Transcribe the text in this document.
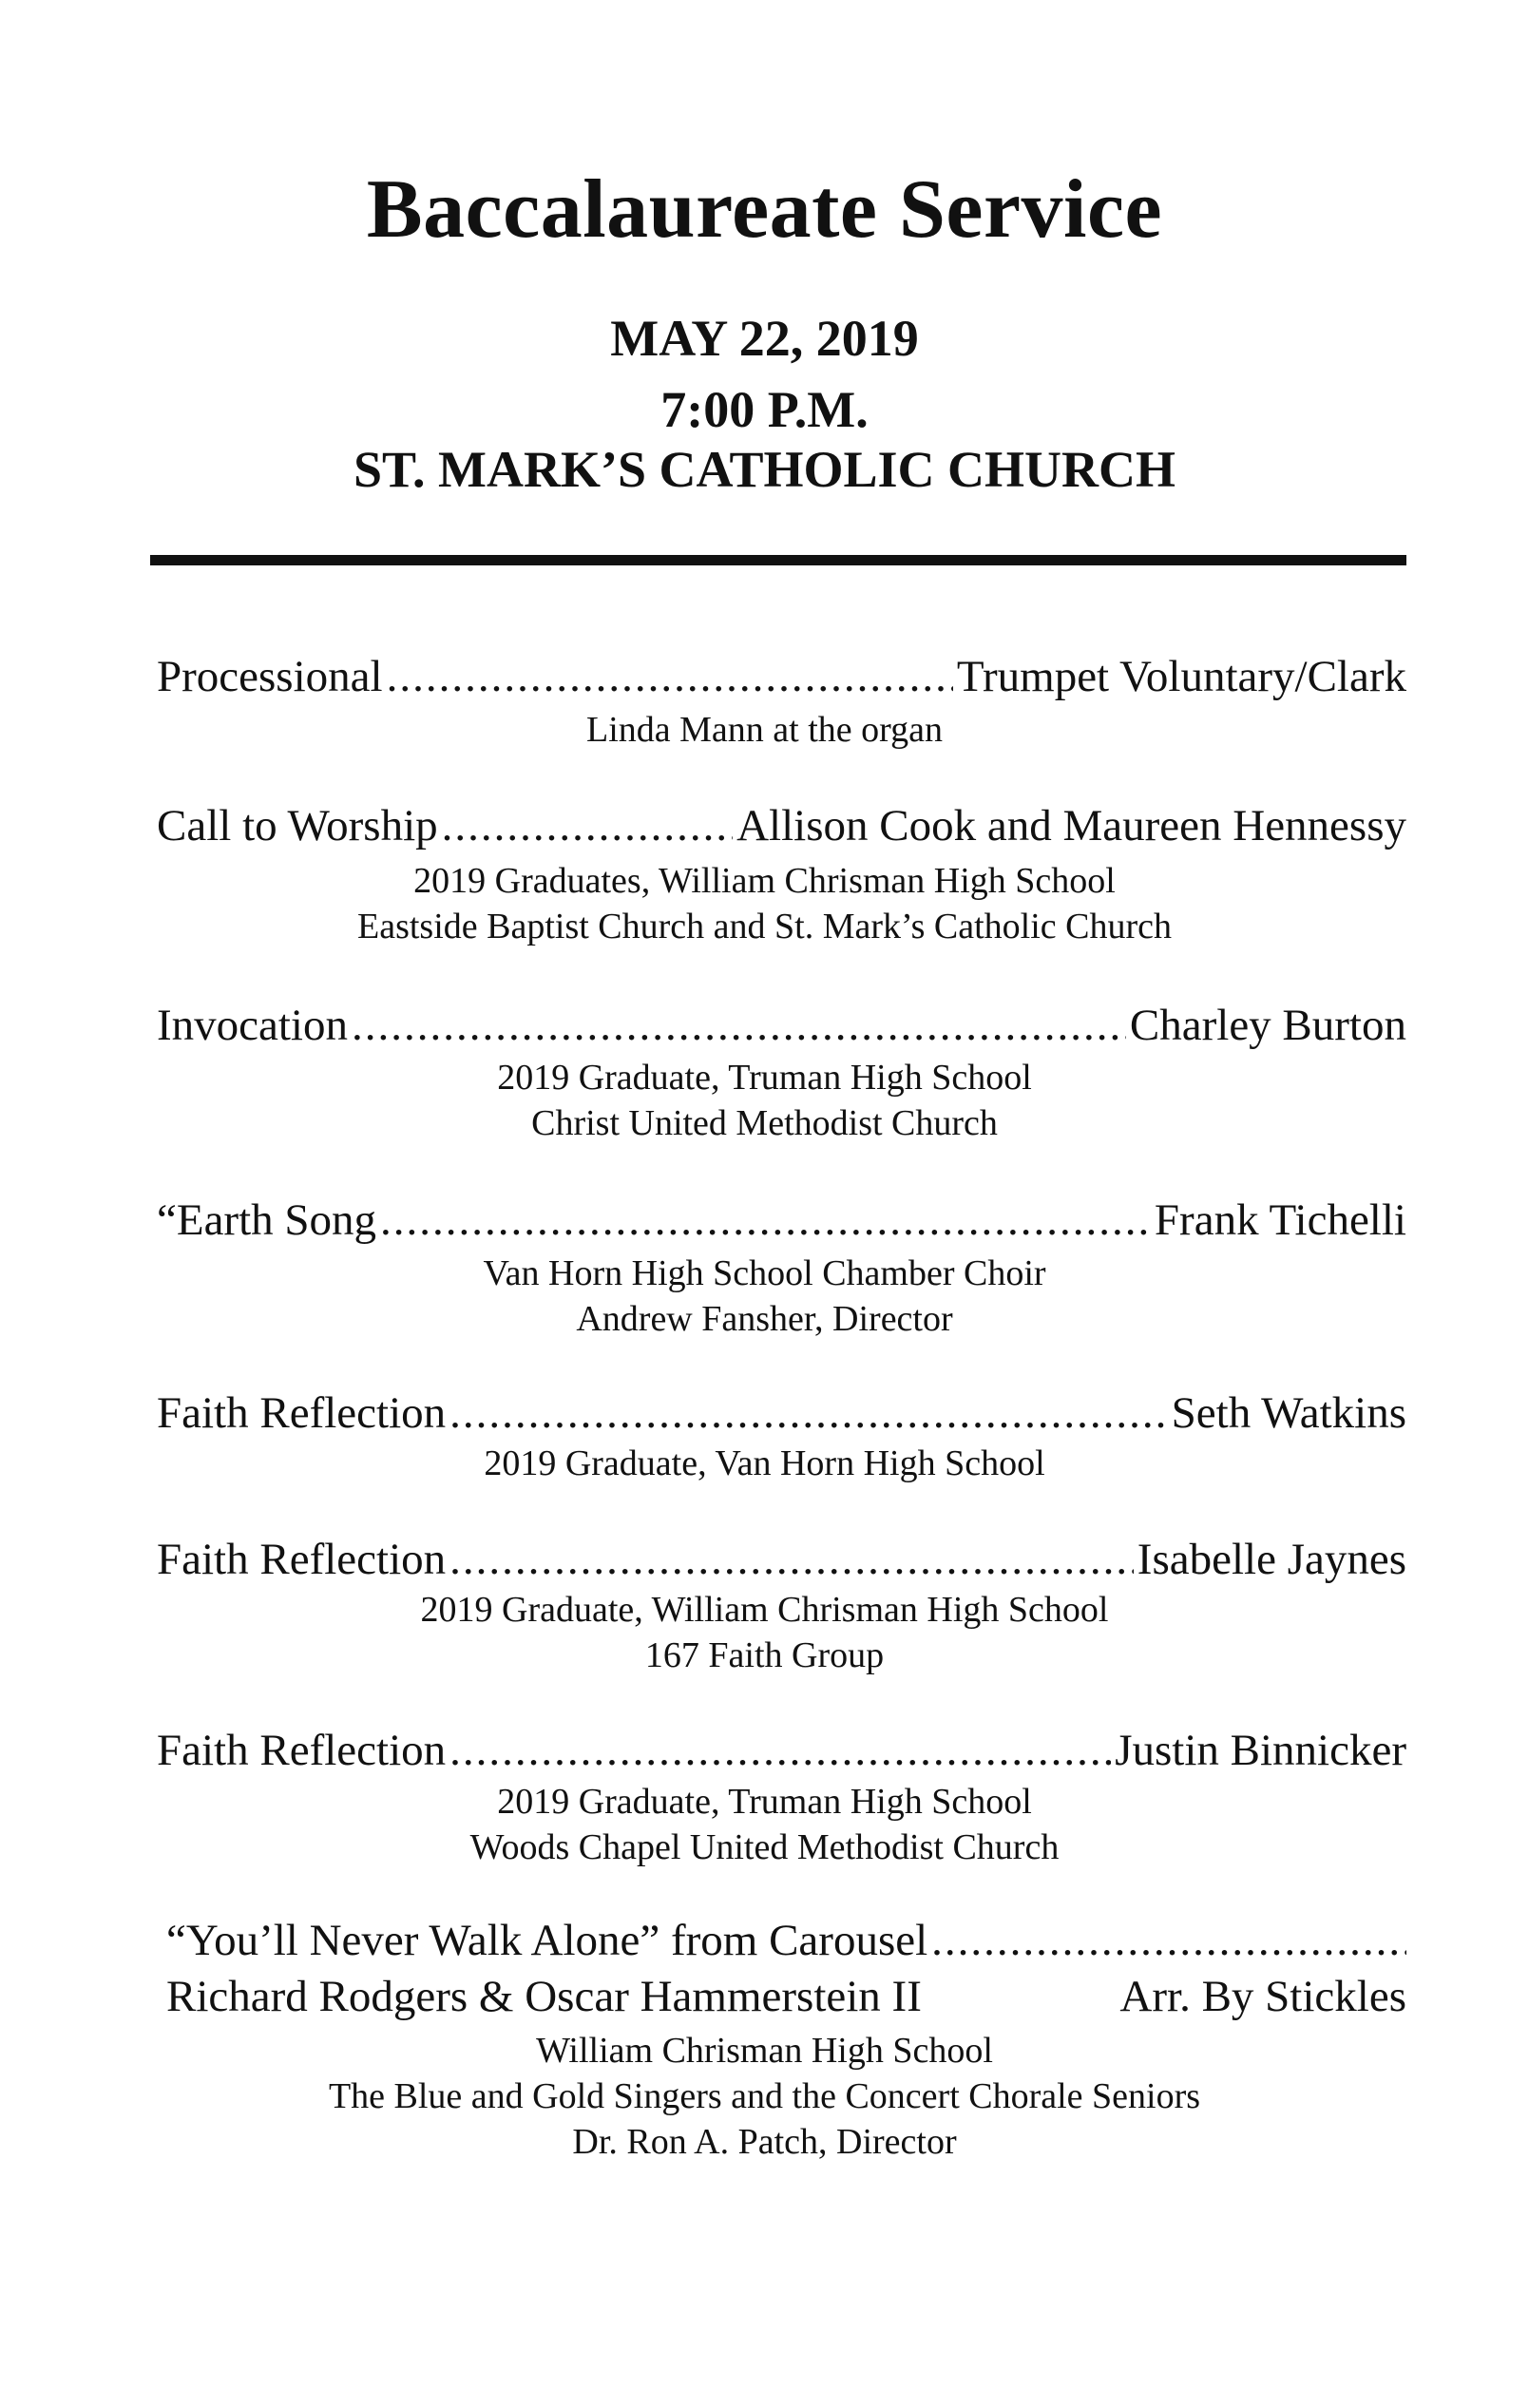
Baccalaureate Service

MAY 22, 2019

7:00 P.M.

ST. MARK’S CATHOLIC CHURCH

Processional .....	Trumpet Voluntary/Clark

Linda Mann at the organ

Call to Worship .....	Allison Cook and Maureen Hennessy

2019 Graduates, William Chrisman High School

Eastside Baptist Church and St. Mark’s Catholic Church

Invocation .....	Charley Burton

2019 Graduate, Truman High School

Christ United Methodist Church

“Earth Song .....	Frank Tichelli

Van Horn High School Chamber Choir

Andrew Fansher, Director

Faith Reflection .....	Seth Watkins

2019 Graduate, Van Horn High School

Faith Reflection .....	Isabelle Jaynes

2019 Graduate, William Chrisman High School

167 Faith Group

Faith Reflection .....	Justin Binnicker

2019 Graduate, Truman High School

Woods Chapel United Methodist Church

“You’ll Never Walk Alone” from Carousel
.....
Richard Rodgers & Oscar Hammerstein II	Arr. By Stickles

William Chrisman High School

The Blue and Gold Singers and the Concert Chorale Seniors

Dr. Ron A. Patch, Director
